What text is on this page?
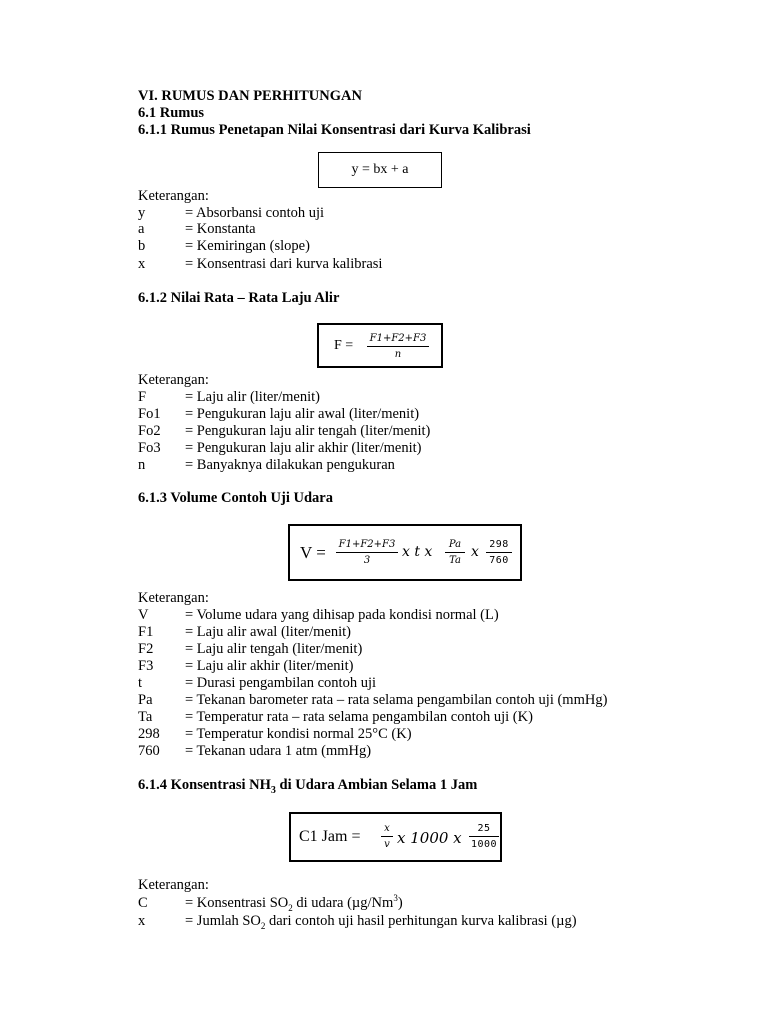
VI. RUMUS DAN PERHITUNGAN
6.1 Rumus
6.1.1 Rumus Penetapan Nilai Konsentrasi dari Kurva Kalibrasi
y = bx + a
Keterangan:
y	= Absorbansi contoh uji
a	= Konstanta
b	= Kemiringan (slope)
x	= Konsentrasi dari kurva kalibrasi
6.1.2 Nilai Rata – Rata Laju Alir
F = F1+F2+F3
n
Keterangan:
F	= Laju alir (liter/menit)
Fo1 = Pengukuran laju alir awal (liter/menit)
Fo2 = Pengukuran laju alir tengah (liter/menit)
Fo3 = Pengukuran laju alir akhir (liter/menit)
n	= Banyaknya dilakukan pengukuran
6.1.3 Volume Contoh Uji Udara
V = F1+F2+F3
3
x t x	Pa
Ta
x	298
760
Keterangan:
V	= Volume udara yang dihisap pada kondisi normal (L)
F1 = Laju alir awal (liter/menit)
F2 = Laju alir tengah (liter/menit)
F3 = Laju alir akhir (liter/menit)
t	= Durasi pengambilan contoh uji
Pa = Tekanan barometer rata – rata selama pengambilan contoh uji (mmHg)
Ta = Temperatur rata – rata selama pengambilan contoh uji (K)
298 = Temperatur kondisi normal 25°C (K)
760 = Tekanan udara 1 atm (mmHg)
6.1.4 Konsentrasi $NH_3$ di Udara Ambian Selama 1 Jam
C1 Jam =	x
v x 1000 x
25
1000
Keterangan:
C	= Konsentrasi $SO_2$ di udara (µg/Nm$^3$)
x	= Jumlah $SO_2$ dari contoh uji hasil perhitungan kurva kalibrasi (µg)
